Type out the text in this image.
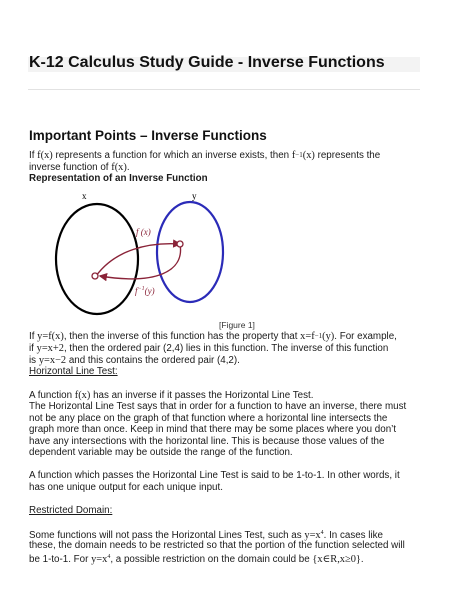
K-12 Calculus Study Guide - Inverse Functions
Important Points – Inverse Functions
If f(x) represents a function for which an inverse exists, then f−1(x) represents the
inverse function of f(x).
Representation of an Inverse Function
x	y
f (x)
$f^{-1}(y)$
[Figure 1]
If y=f(x), then the inverse of this function has the property that x=f−1(y). For example,
if y=x+2, then the ordered pair (2,4) lies in this function. The inverse of this function
is y=x−2 and this contains the ordered pair (4,2).
Horizontal Line Test:
A function f(x) has an inverse if it passes the Horizontal Line Test.
The Horizontal Line Test says that in order for a function to have an inverse, there must
not be any place on the graph of that function where a horizontal line intersects the
graph more than once. Keep in mind that there may be some places where you don’t
have any intersections with the horizontal line. This is because those values of the
dependent variable may be outside the range of the function.
A function which passes the Horizontal Line Test is said to be 1-to-1. In other words, it
has one unique output for each unique input.
Restricted Domain:
Some functions will not pass the Horizontal Lines Test, such as $y=x^4$. In cases like
these, the domain needs to be restricted so that the portion of the function selected will
be 1-to-1. For $y=x^4$, a possible restriction on the domain could be {x∈R,x≥0}.
